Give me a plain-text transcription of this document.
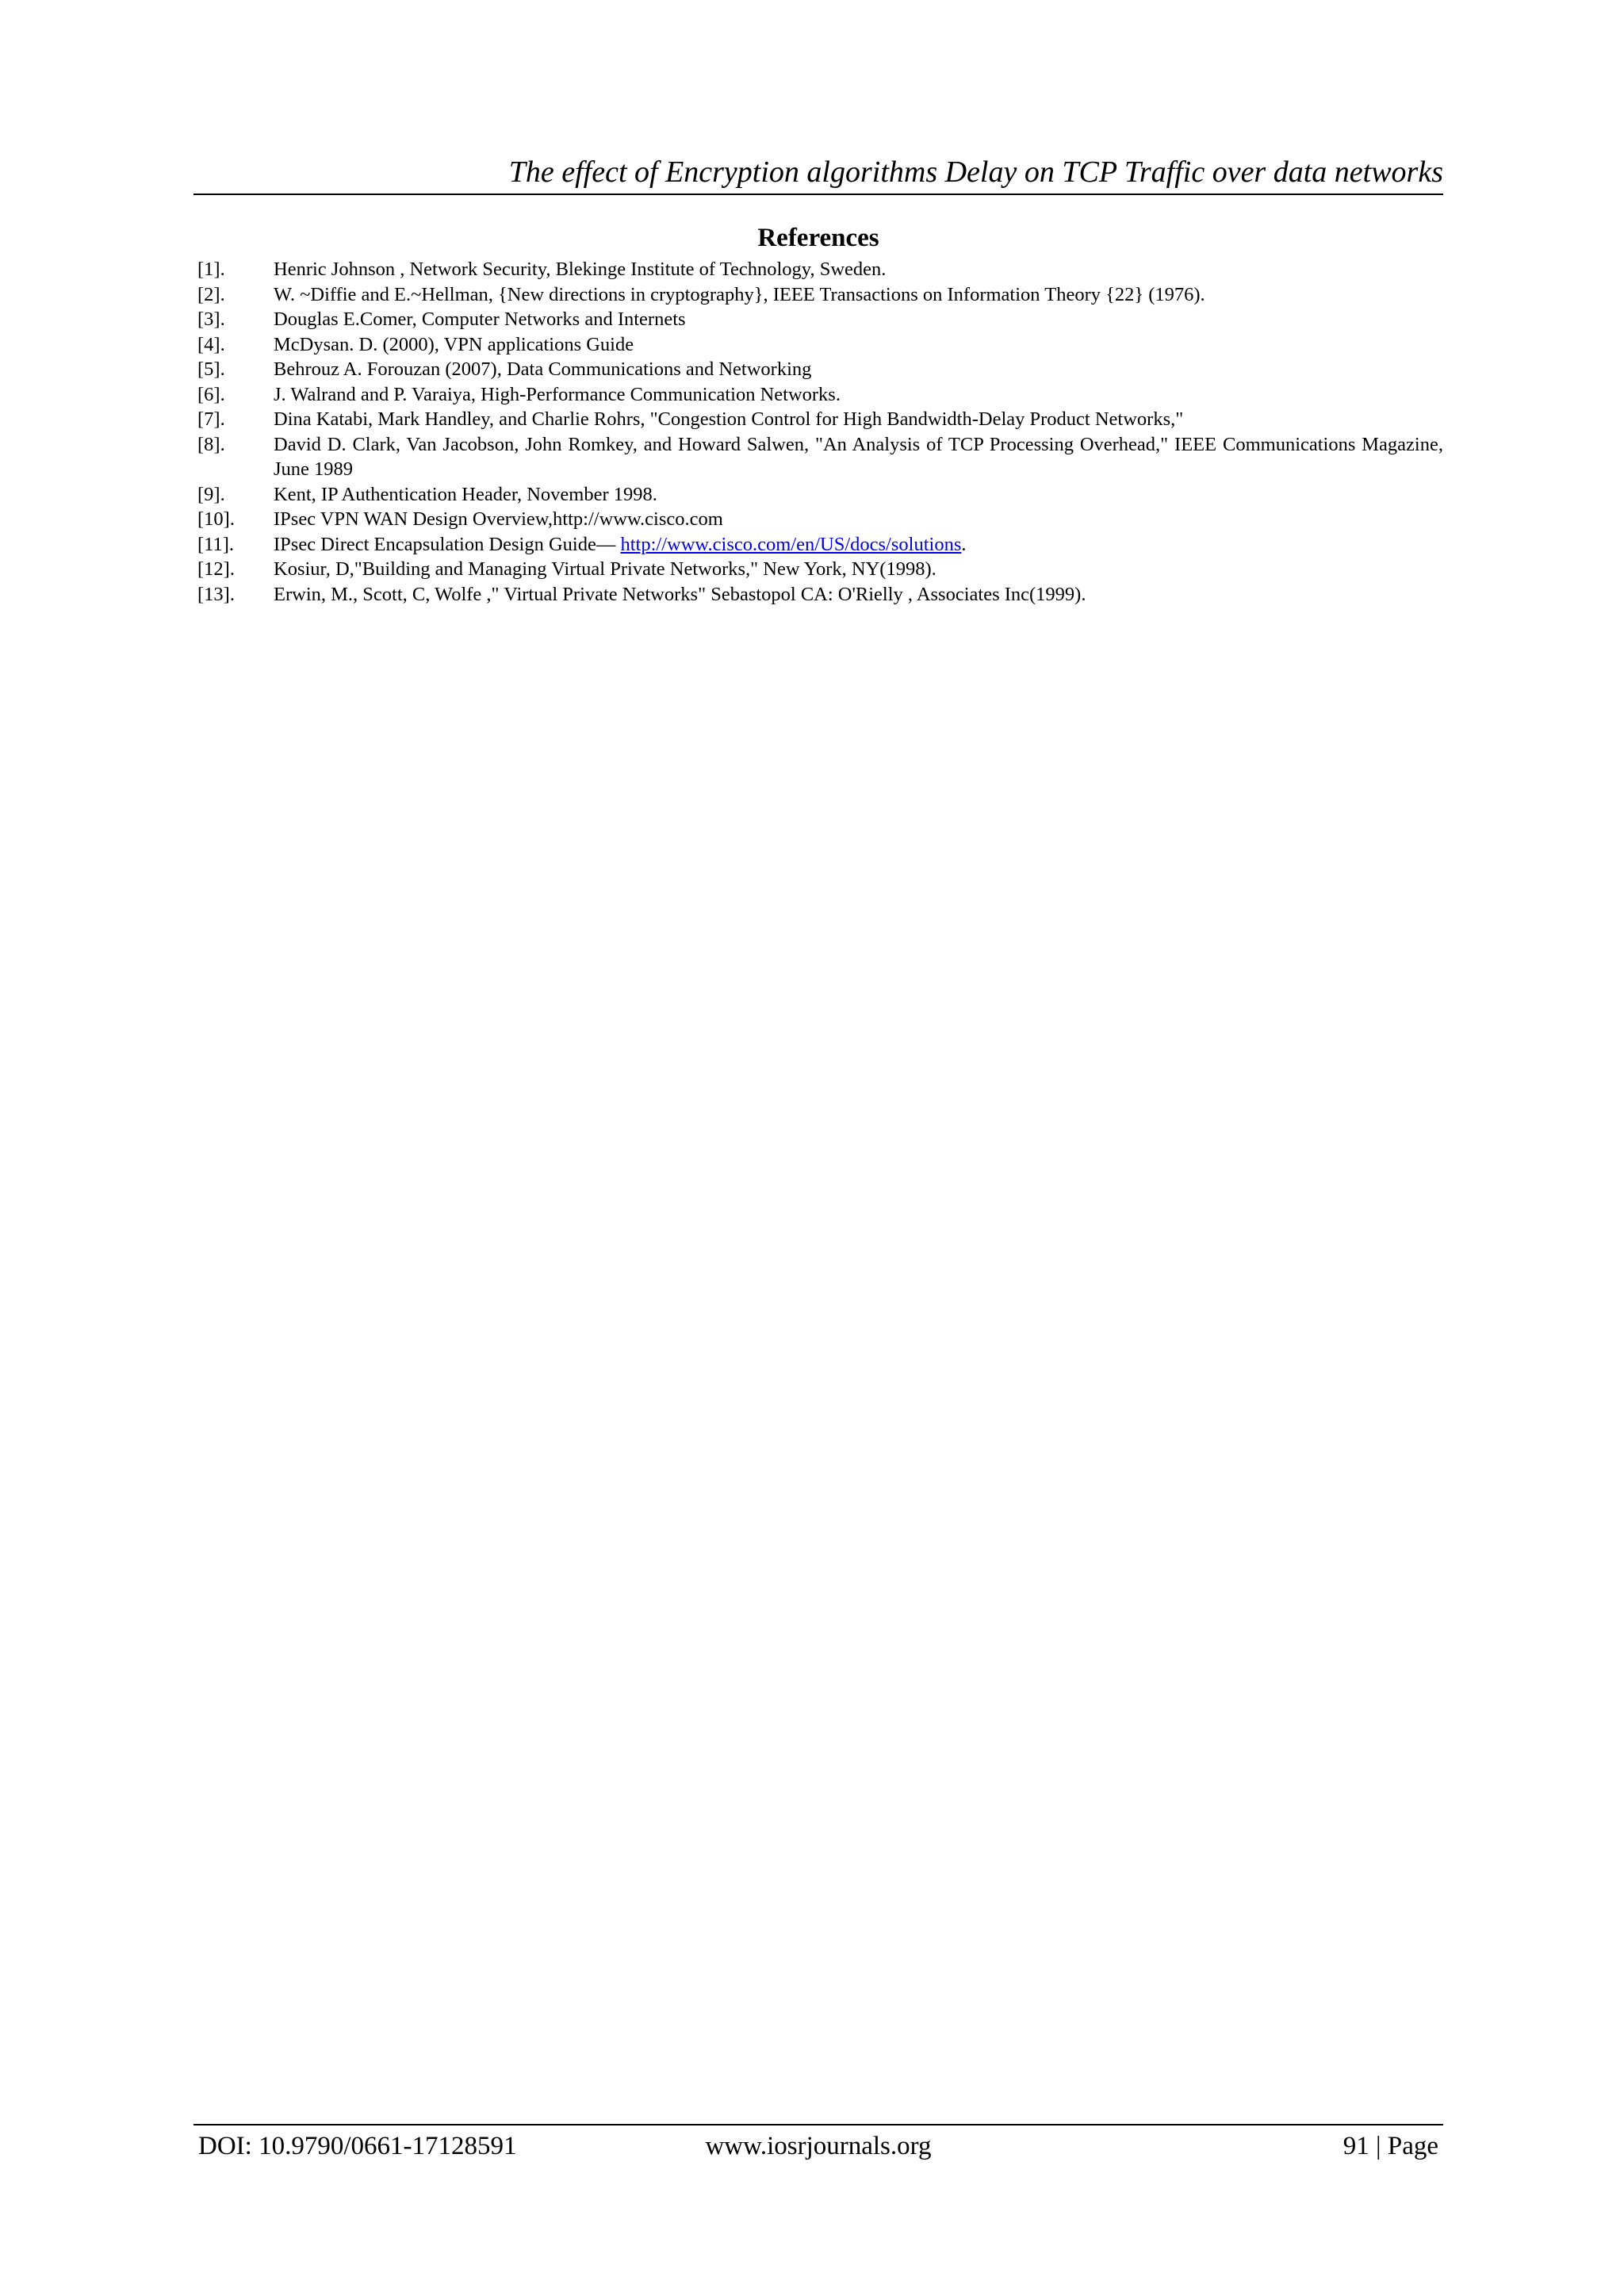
The effect of Encryption algorithms Delay on TCP Traffic over data networks
References
[1].	Henric Johnson , Network Security, Blekinge Institute of Technology, Sweden.
[2].	W. ~Diffie and E.~Hellman, {New directions in cryptography}, IEEE Transactions on Information Theory {22} (1976).
[3].	Douglas E.Comer, Computer Networks and Internets
[4].	McDysan. D. (2000), VPN applications Guide
[5].	Behrouz A. Forouzan (2007), Data Communications and Networking
[6].	J. Walrand and P. Varaiya, High-Performance Communication Networks.
[7].	Dina Katabi, Mark Handley, and Charlie Rohrs, "Congestion Control for High Bandwidth-Delay Product Networks,"
[8].	David D. Clark, Van Jacobson, John Romkey, and Howard Salwen, "An Analysis of TCP Processing Overhead," IEEE Communications Magazine, June 1989
[9].	Kent, IP Authentication Header, November 1998.
[10].	IPsec VPN WAN Design Overview,http://www.cisco.com
[11].	IPsec Direct Encapsulation Design Guide— http://www.cisco.com/en/US/docs/solutions.
[12].	Kosiur, D,"Building and Managing Virtual Private Networks," New York, NY(1998).
[13].	Erwin, M., Scott, C, Wolfe ," Virtual Private Networks" Sebastopol CA: O'Rielly , Associates Inc(1999).
DOI: 10.9790/0661-17128591	www.iosrjournals.org	91 | Page
